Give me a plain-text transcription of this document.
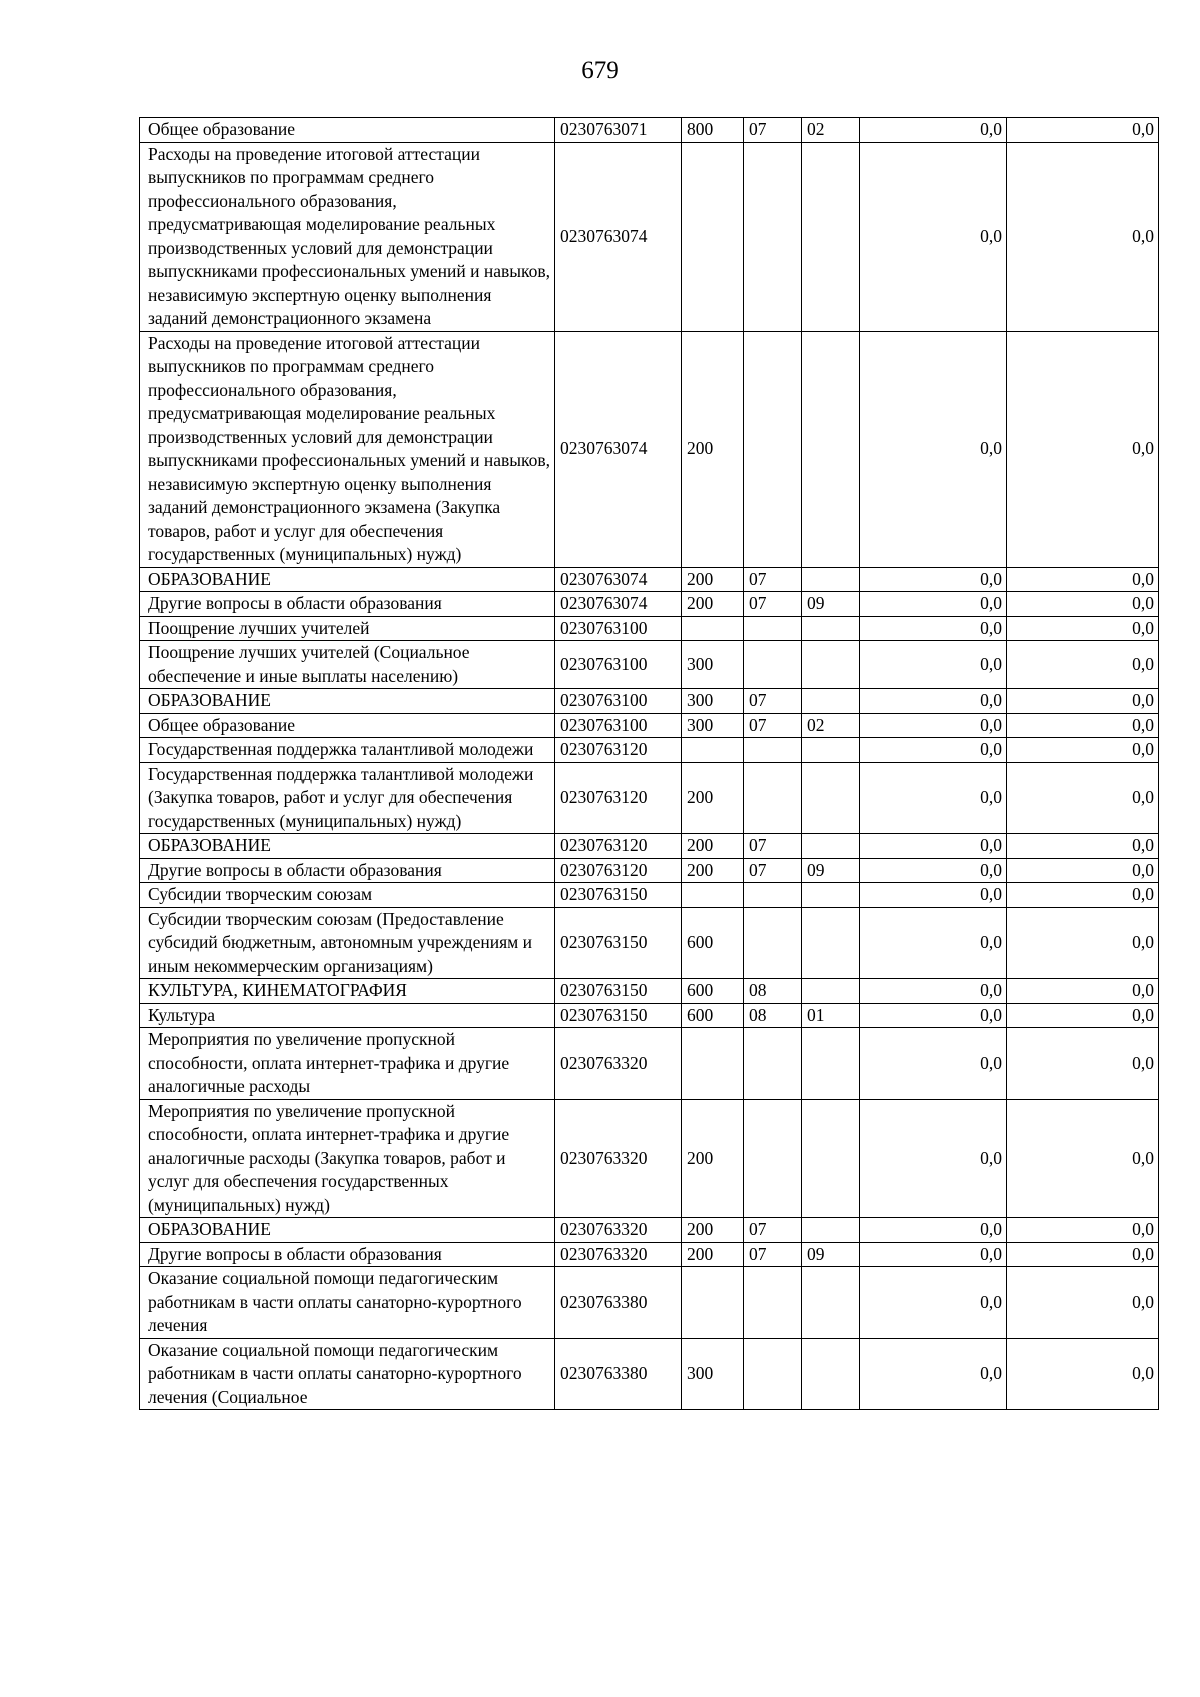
679
Общее образование	0230763071	800	07	02	0,0	0,0
Расходы на проведение итоговой аттестации выпускников по программам среднего профессионального образования, предусматривающая моделирование реальных производственных условий для демонстрации выпускниками профессиональных умений и навыков, независимую экспертную оценку выполнения заданий демонстрационного экзамена	0230763074				0,0	0,0
Расходы на проведение итоговой аттестации выпускников по программам среднего профессионального образования, предусматривающая моделирование реальных производственных условий для демонстрации выпускниками профессиональных умений и навыков, независимую экспертную оценку выполнения заданий демонстрационного экзамена (Закупка товаров, работ и услуг для обеспечения государственных (муниципальных) нужд)	0230763074	200			0,0	0,0
ОБРАЗОВАНИЕ	0230763074	200	07		0,0	0,0
Другие вопросы в области образования	0230763074	200	07	09	0,0	0,0
Поощрение лучших учителей	0230763100				0,0	0,0
Поощрение лучших учителей (Социальное обеспечение и иные выплаты населению)	0230763100	300			0,0	0,0
ОБРАЗОВАНИЕ	0230763100	300	07		0,0	0,0
Общее образование	0230763100	300	07	02	0,0	0,0
Государственная поддержка талантливой молодежи	0230763120				0,0	0,0
Государственная поддержка талантливой молодежи (Закупка товаров, работ и услуг для обеспечения государственных (муниципальных) нужд)	0230763120	200			0,0	0,0
ОБРАЗОВАНИЕ	0230763120	200	07		0,0	0,0
Другие вопросы в области образования	0230763120	200	07	09	0,0	0,0
Субсидии творческим союзам	0230763150				0,0	0,0
Субсидии творческим союзам (Предоставление субсидий бюджетным, автономным учреждениям и иным некоммерческим организациям)	0230763150	600			0,0	0,0
КУЛЬТУРА, КИНЕМАТОГРАФИЯ	0230763150	600	08		0,0	0,0
Культура	0230763150	600	08	01	0,0	0,0
Мероприятия по увеличение пропускной способности, оплата интернет-трафика и другие аналогичные расходы	0230763320				0,0	0,0
Мероприятия по увеличение пропускной способности, оплата интернет-трафика и другие аналогичные расходы (Закупка товаров, работ и услуг для обеспечения государственных (муниципальных) нужд)	0230763320	200			0,0	0,0
ОБРАЗОВАНИЕ	0230763320	200	07		0,0	0,0
Другие вопросы в области образования	0230763320	200	07	09	0,0	0,0
Оказание социальной помощи педагогическим работникам в части оплаты санаторно-курортного лечения	0230763380				0,0	0,0
Оказание социальной помощи педагогическим работникам в части оплаты санаторно-курортного лечения (Социальное	0230763380	300			0,0	0,0
